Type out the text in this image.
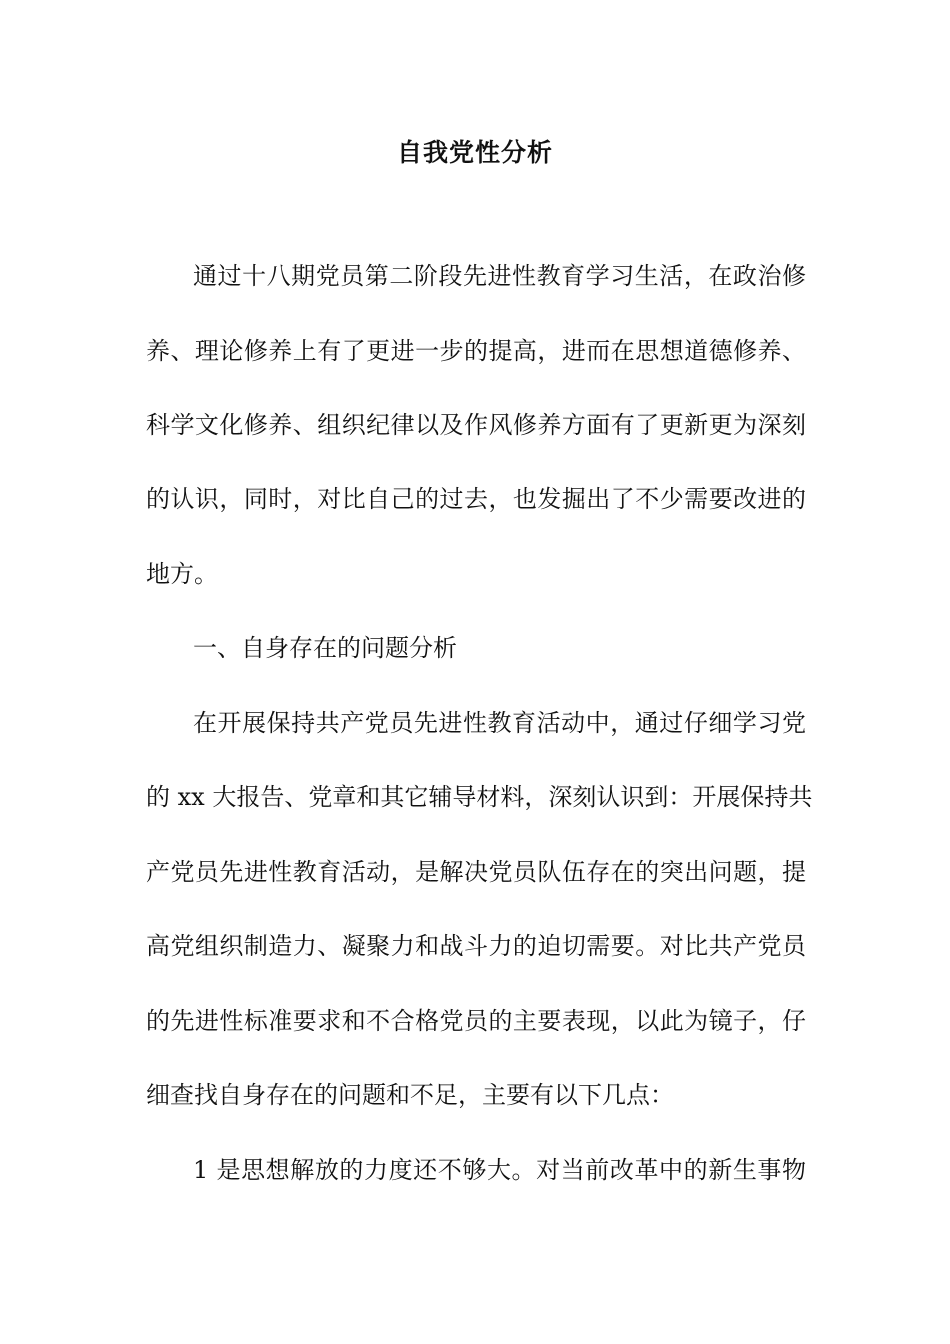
自我党性分析
通过十八期党员第二阶段先进性教育学习生活，在政治修
养、理论修养上有了更进一步的提高，进而在思想道德修养、
科学文化修养、组织纪律以及作风修养方面有了更新更为深刻
的认识，同时，对比自己的过去，也发掘出了不少需要改进的
地方。
一、自身存在的问题分析
在开展保持共产党员先进性教育活动中，通过仔细学习党
的 xx 大报告、党章和其它辅导材料，深刻认识到：开展保持共
产党员先进性教育活动，是解决党员队伍存在的突出问题，提
高党组织制造力、凝聚力和战斗力的迫切需要。对比共产党员
的先进性标准要求和不合格党员的主要表现，以此为镜子，仔
细查找自身存在的问题和不足，主要有以下几点：
1 是思想解放的力度还不够大。对当前改革中的新生事物
